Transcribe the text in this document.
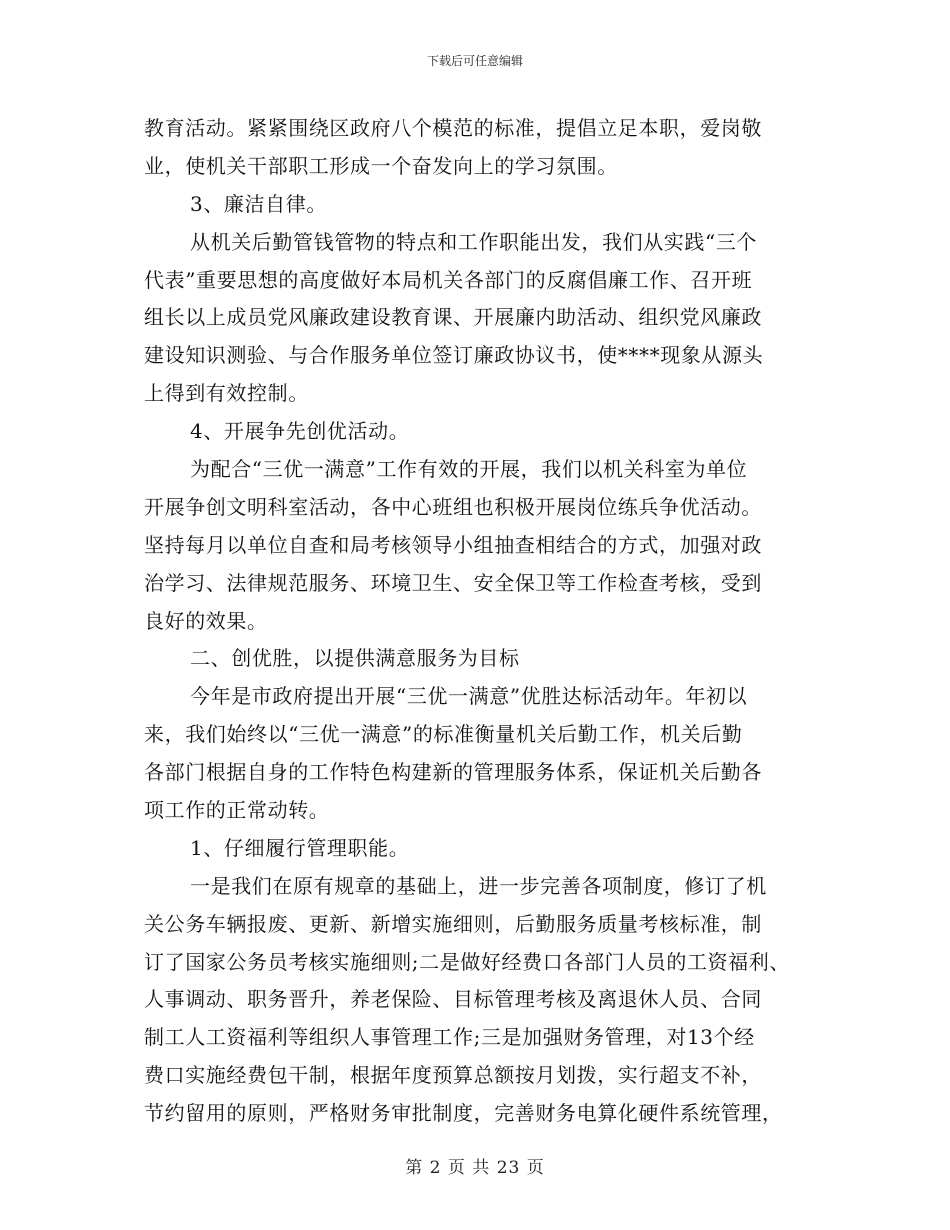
下载后可任意编辑
教育活动。紧紧围绕区政府八个模范的标准，提倡立足本职，爱岗敬
业，使机关干部职工形成一个奋发向上的学习氛围。
3、廉洁自律。
从机关后勤管钱管物的特点和工作职能出发，我们从实践“三个
代表”重要思想的高度做好本局机关各部门的反腐倡廉工作、召开班
组长以上成员党风廉政建设教育课、开展廉内助活动、组织党风廉政
建设知识测验、与合作服务单位签订廉政协议书，使****现象从源头
上得到有效控制。
4、开展争先创优活动。
为配合“三优一满意”工作有效的开展，我们以机关科室为单位
开展争创文明科室活动，各中心班组也积极开展岗位练兵争优活动。
坚持每月以单位自查和局考核领导小组抽查相结合的方式，加强对政
治学习、法律规范服务、环境卫生、安全保卫等工作检查考核，受到
良好的效果。
二、创优胜，以提供满意服务为目标
今年是市政府提出开展“三优一满意”优胜达标活动年。年初以
来，我们始终以“三优一满意”的标准衡量机关后勤工作，机关后勤
各部门根据自身的工作特色构建新的管理服务体系，保证机关后勤各
项工作的正常动转。
1、仔细履行管理职能。
一是我们在原有规章的基础上，进一步完善各项制度，修订了机
关公务车辆报废、更新、新增实施细则，后勤服务质量考核标准，制
订了国家公务员考核实施细则;二是做好经费口各部门人员的工资福利、
人事调动、职务晋升，养老保险、目标管理考核及离退休人员、合同
制工人工资福利等组织人事管理工作;三是加强财务管理，对13个经
费口实施经费包干制，根据年度预算总额按月划拨，实行超支不补，
节约留用的原则，严格财务审批制度，完善财务电算化硬件系统管理，
第 2 页 共 23 页
